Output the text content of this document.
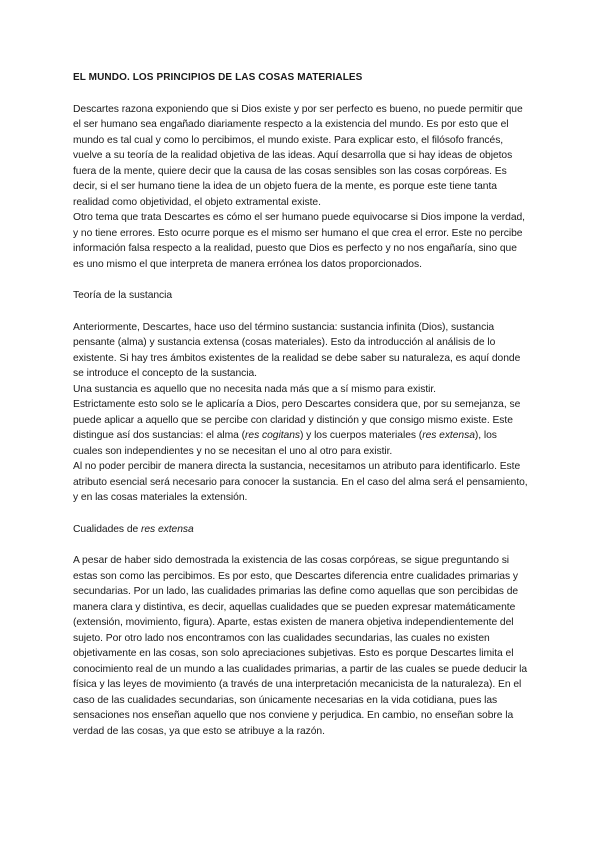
EL MUNDO. LOS PRINCIPIOS DE LAS COSAS MATERIALES

Descartes razona exponiendo que si Dios existe y por ser perfecto es bueno, no puede permitir que el ser humano sea engañado diariamente respecto a la existencia del mundo. Es por esto que el mundo es tal cual y como lo percibimos, el mundo existe. Para explicar esto, el filósofo francés, vuelve a su teoría de la realidad objetiva de las ideas. Aquí desarrolla que si hay ideas de objetos fuera de la mente, quiere decir que la causa de las cosas sensibles son las cosas corpóreas. Es decir, si el ser humano tiene la idea de un objeto fuera de la mente, es porque este tiene tanta realidad como objetividad, el objeto extramental existe.

Otro tema que trata Descartes es cómo el ser humano puede equivocarse si Dios impone la verdad, y no tiene errores. Esto ocurre porque es el mismo ser humano el que crea el error. Este no percibe información falsa respecto a la realidad, puesto que Dios es perfecto y no nos engañaría, sino que es uno mismo el que interpreta de manera errónea los datos proporcionados.

Teoría de la sustancia

Anteriormente, Descartes, hace uso del término sustancia: sustancia infinita (Dios), sustancia pensante (alma) y sustancia extensa (cosas materiales). Esto da introducción al análisis de lo existente. Si hay tres ámbitos existentes de la realidad se debe saber su naturaleza, es aquí donde se introduce el concepto de la sustancia.

Una sustancia es aquello que no necesita nada más que a sí mismo para existir.

Estrictamente esto solo se le aplicaría a Dios, pero Descartes considera que, por su semejanza, se puede aplicar a aquello que se percibe con claridad y distinción y que consigo mismo existe. Este distingue así dos sustancias: el alma (res cogitans) y los cuerpos materiales (res extensa), los cuales son independientes y no se necesitan el uno al otro para existir.

Al no poder percibir de manera directa la sustancia, necesitamos un atributo para identificarlo. Este atributo esencial será necesario para conocer la sustancia. En el caso del alma será el pensamiento, y en las cosas materiales la extensión.

Cualidades de res extensa

A pesar de haber sido demostrada la existencia de las cosas corpóreas, se sigue preguntando si estas son como las percibimos. Es por esto, que Descartes diferencia entre cualidades primarias y secundarias. Por un lado, las cualidades primarias las define como aquellas que son percibidas de manera clara y distintiva, es decir, aquellas cualidades que se pueden expresar matemáticamente (extensión, movimiento, figura). Aparte, estas existen de manera objetiva independientemente del sujeto. Por otro lado nos encontramos con las cualidades secundarias, las cuales no existen objetivamente en las cosas, son solo apreciaciones subjetivas. Esto es porque Descartes limita el conocimiento real de un mundo a las cualidades primarias, a partir de las cuales se puede deducir la física y las leyes de movimiento (a través de una interpretación mecanicista de la naturaleza). En el caso de las cualidades secundarias, son únicamente necesarias en la vida cotidiana, pues las sensaciones nos enseñan aquello que nos conviene y perjudica. En cambio, no enseñan sobre la verdad de las cosas, ya que esto se atribuye a la razón.
